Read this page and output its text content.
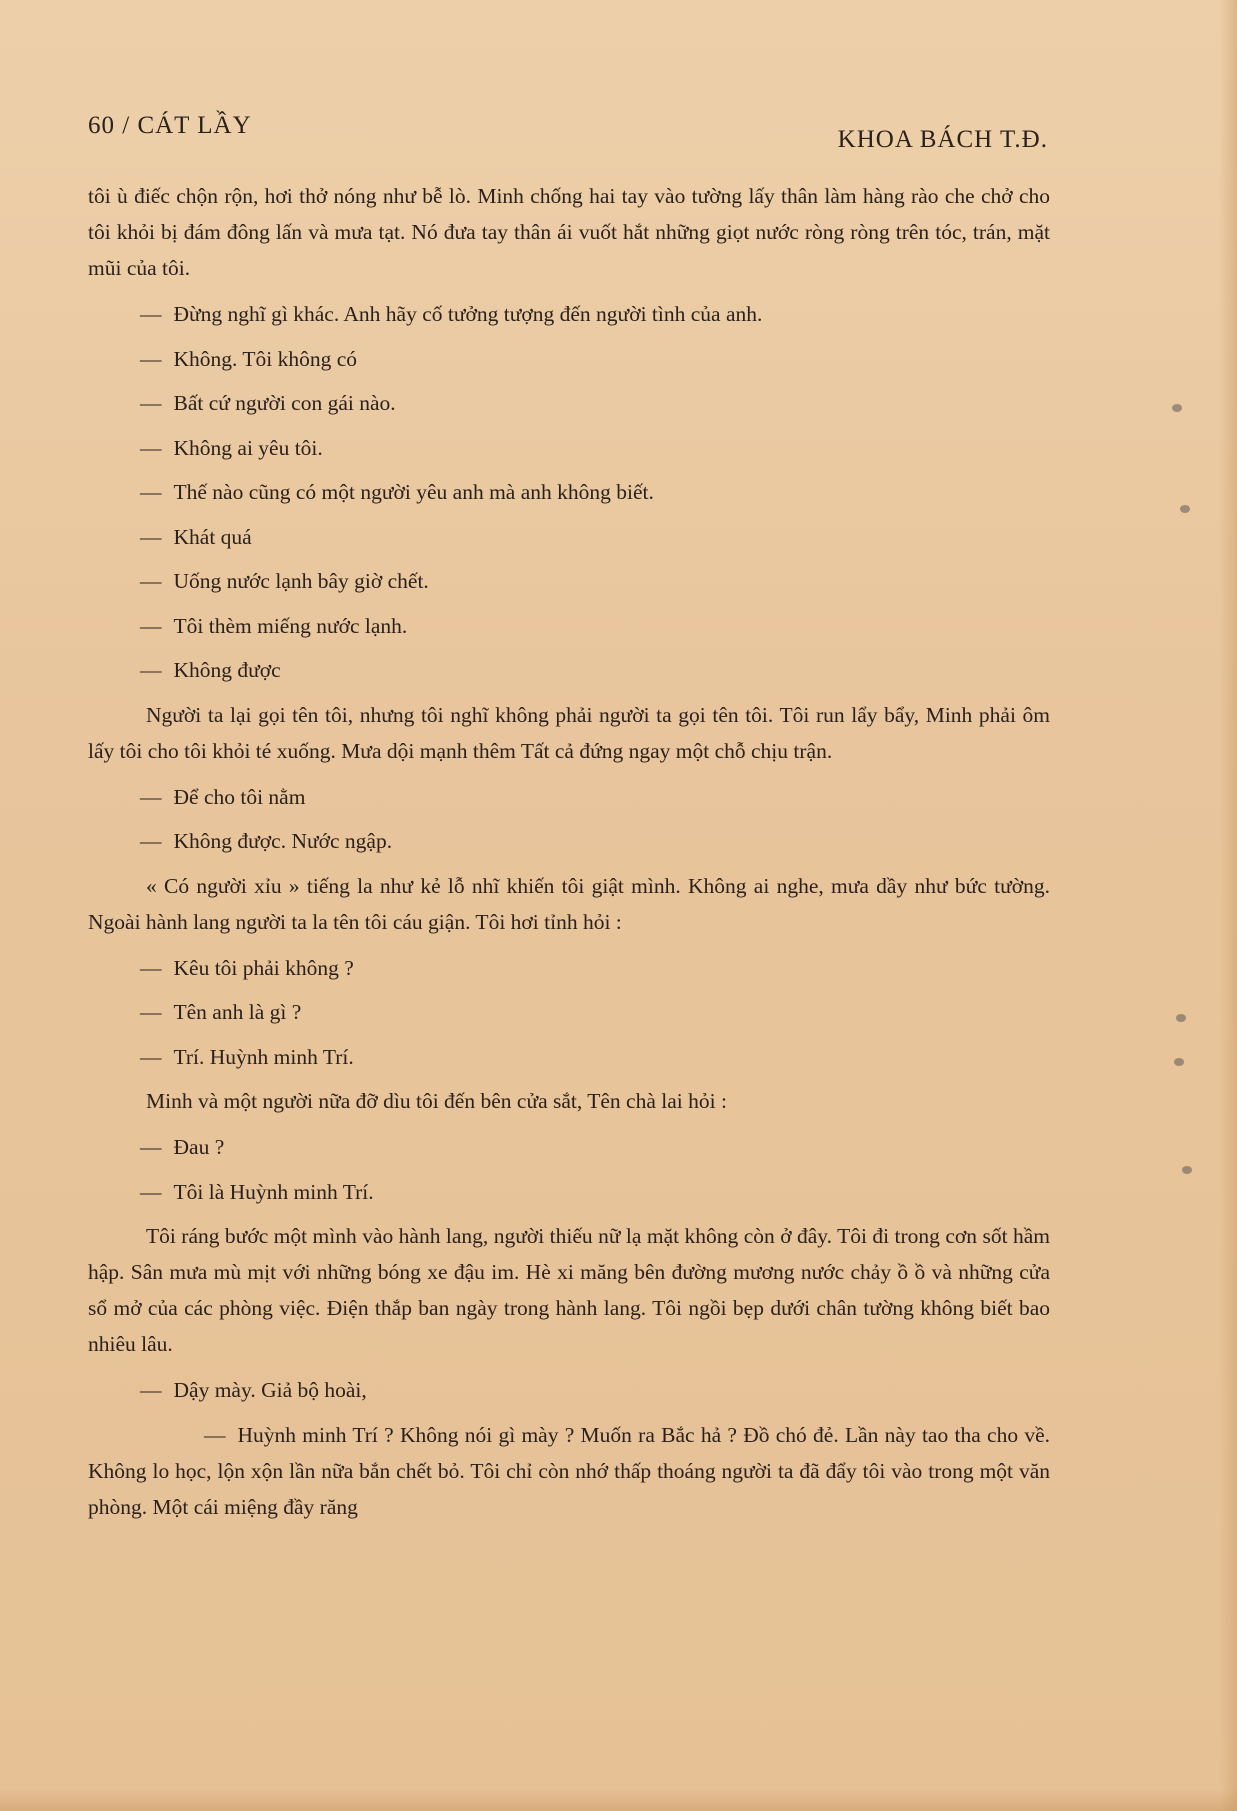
60 / CÁT LẦY
KHOA BÁCH T.Đ.

tôi ù điếc chộn rộn, hơi thở nóng như bễ lò. Minh chống hai tay vào tường lấy thân làm hàng rào che chở cho tôi khỏi bị đám đông lấn và mưa tạt. Nó đưa tay thân ái vuốt hắt những giọt nước ròng ròng trên tóc, trán, mặt mũi của tôi.

— Đừng nghĩ gì khác. Anh hãy cố tưởng tượng đến người tình của anh.

— Không. Tôi không có

— Bất cứ người con gái nào.

— Không ai yêu tôi.

— Thế nào cũng có một người yêu anh mà anh không biết.

— Khát quá

— Uống nước lạnh bây giờ chết.

— Tôi thèm miếng nước lạnh.

— Không được

Người ta lại gọi tên tôi, nhưng tôi nghĩ không phải người ta gọi tên tôi. Tôi run lẩy bẩy, Minh phải ôm lấy tôi cho tôi khỏi té xuống. Mưa dội mạnh thêm Tất cả đứng ngay một chỗ chịu trận.

— Để cho tôi nằm

— Không được. Nước ngập.

« Có người xỉu » tiếng la như kẻ lỗ nhĩ khiến tôi giật mình. Không ai nghe, mưa dầy như bức tường. Ngoài hành lang người ta la tên tôi cáu giận. Tôi hơi tỉnh hỏi :

— Kêu tôi phải không ?

— Tên anh là gì ?

— Trí. Huỳnh minh Trí.

Minh và một người nữa đỡ dìu tôi đến bên cửa sắt, Tên chà lai hỏi :

— Đau ?

— Tôi là Huỳnh minh Trí.

Tôi ráng bước một mình vào hành lang, người thiếu nữ lạ mặt không còn ở đây. Tôi đi trong cơn sốt hầm hập. Sân mưa mù mịt với những bóng xe đậu im. Hè xi măng bên đường mương nước chảy ồ ồ và những cửa sổ mở của các phòng việc. Điện thắp ban ngày trong hành lang. Tôi ngồi bẹp dưới chân tường không biết bao nhiêu lâu.

— Dậy mày. Giả bộ hoài,

— Huỳnh minh Trí ? Không nói gì mày ? Muốn ra Bắc hả ? Đồ chó đẻ. Lần này tao tha cho về. Không lo học, lộn xộn lần nữa bắn chết bỏ. Tôi chỉ còn nhớ thấp thoáng người ta đã đẩy tôi vào trong một văn phòng. Một cái miệng đầy răng
